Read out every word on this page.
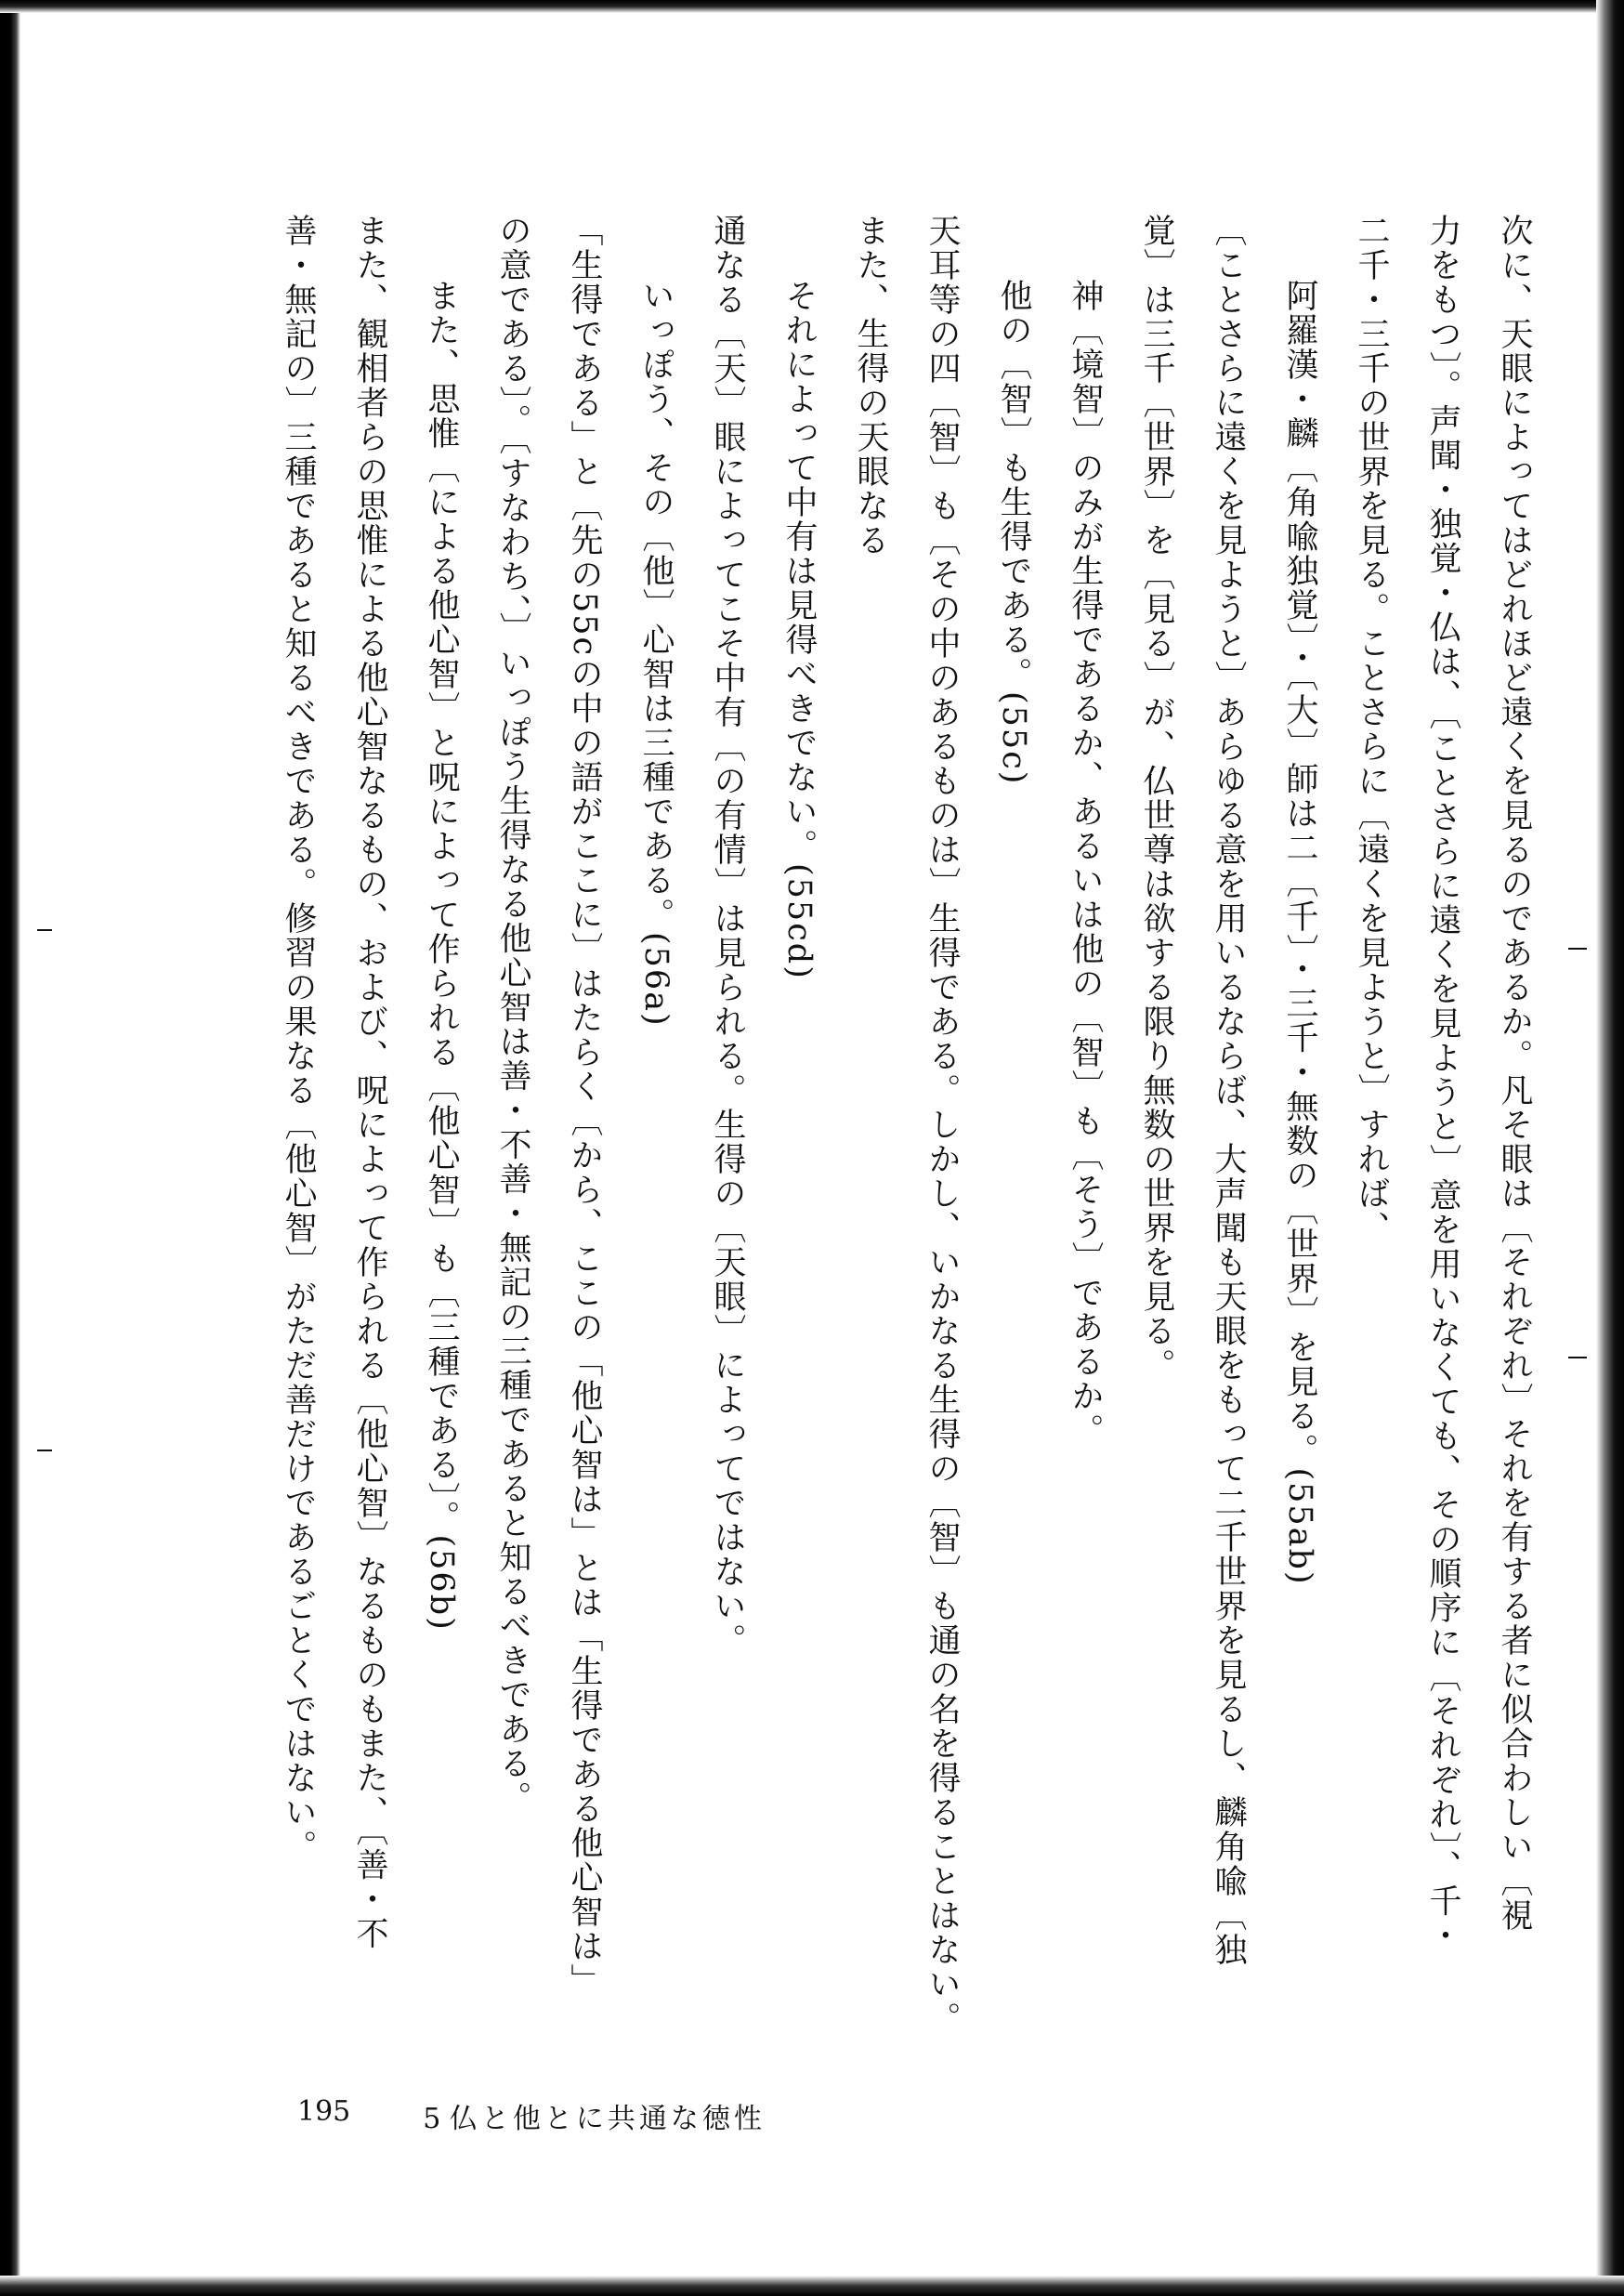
次に、天眼によってはどれほど遠くを見るのであるか。凡そ眼は〔それぞれ〕それを有する者に似合わしい〔視

力をもつ〕。声聞・独覚・仏は、〔ことさらに遠くを見ようと〕意を用いなくても、その順序に〔それぞれ〕、千・

二千・三千の世界を見る。ことさらに〔遠くを見ようと〕すれば、

阿羅漢・麟〔角喩独覚〕・〔大〕師は二〔千〕・三千・無数の〔世界〕を見る。(55ab)

〔ことさらに遠くを見ようと〕あらゆる意を用いるならば、大声聞も天眼をもって二千世界を見るし、麟角喩〔独

覚〕は三千〔世界〕を〔見る〕が、仏世尊は欲する限り無数の世界を見る。

神〔境智〕のみが生得であるか、あるいは他の〔智〕も〔そう〕であるか。

他の〔智〕も生得である。(55c)

天耳等の四〔智〕も〔その中のあるものは〕生得である。しかし、いかなる生得の〔智〕も通の名を得ることはない。

また、生得の天眼なる

それによって中有は見得べきでない。(55cd)

通なる〔天〕眼によってこそ中有〔の有情〕は見られる。生得の〔天眼〕によってではない。

いっぽう、その〔他〕心智は三種である。(56a)

「生得である」と〔先の55cの中の語がここに〕はたらく〔から、ここの「他心智は」とは「生得である他心智は」

の意である〕。〔すなわち、〕いっぽう生得なる他心智は善・不善・無記の三種であると知るべきである。

また、思惟〔による他心智〕と呪によって作られる〔他心智〕も〔三種である〕。(56b)

また、観相者らの思惟による他心智なるもの、および、呪によって作られる〔他心智〕なるものもまた、〔善・不

善・無記の〕三種であると知るべきである。修習の果なる〔他心智〕がただ善だけであるごとくではない。

195	5 仏と他とに共通な徳性
